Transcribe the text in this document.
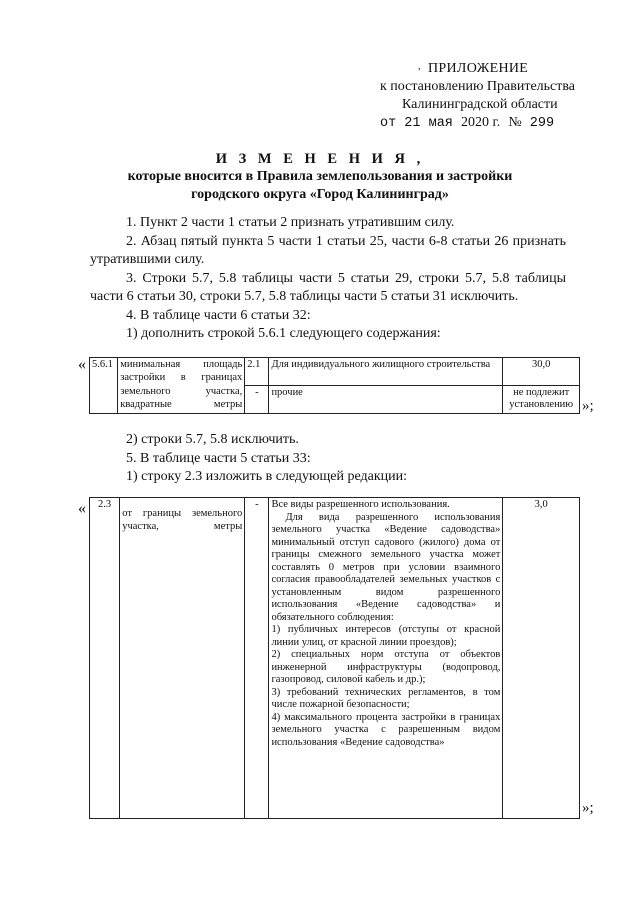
, ПРИЛОЖЕНИЕ
к постановлению Правительства
Калининградской области
от 21 мая 2020 г. № 299
И З М Е Н Е Н И Я ,
которые вносится в Правила землепользования и застройки
городского округа «Город Калининград»

1. Пункт 2 части 1 статьи 2 признать утратившим силу.

2. Абзац пятый пункта 5 части 1 статьи 25, части 6-8 статьи 26 признать утратившими силу.

3. Строки 5.7, 5.8 таблицы части 5 статьи 29, строки 5.7, 5.8 таблицы части 6 статьи 30, строки 5.7, 5.8 таблицы части 5 статьи 31 исключить.

4. В таблице части 6 статьи 32:

1) дополнить строкой 5.6.1 следующего содержания:

« 5.6.1	минимальная площадь застройки в границах	2.1	Для индивидуального жилищного строительства	30,0
	земельного участка, квадратные метры	-	прочие	не подлежит установлению »;

2) строки 5.7, 5.8 исключить.

5. В таблице части 5 статьи 33:

1) строку 2.3 изложить в следующей редакции:

« 2.3	от границы земельного участка, метры	-	Все виды разрешенного использования.
Для вида разрешенного использования земельного участка «Ведение садоводства» минимальный отступ садового (жилого) дома от границы смежного земельного участка может составлять 0 метров при условии взаимного согласия правообладателей земельных участков с установленным видом разрешенного использования «Ведение садоводства» и обязательного соблюдения:
1) публичных интересов (отступы от красной линии улиц, от красной линии проездов);
2) специальных норм отступа от объектов инженерной инфраструктуры (водопровод, газопровод, силовой кабель и др.);
3) требований технических регламентов, в том числе пожарной безопасности;
4) максимального процента застройки в границах земельного участка с разрешенным видом использования «Ведение садоводства»
	3,0
»;
